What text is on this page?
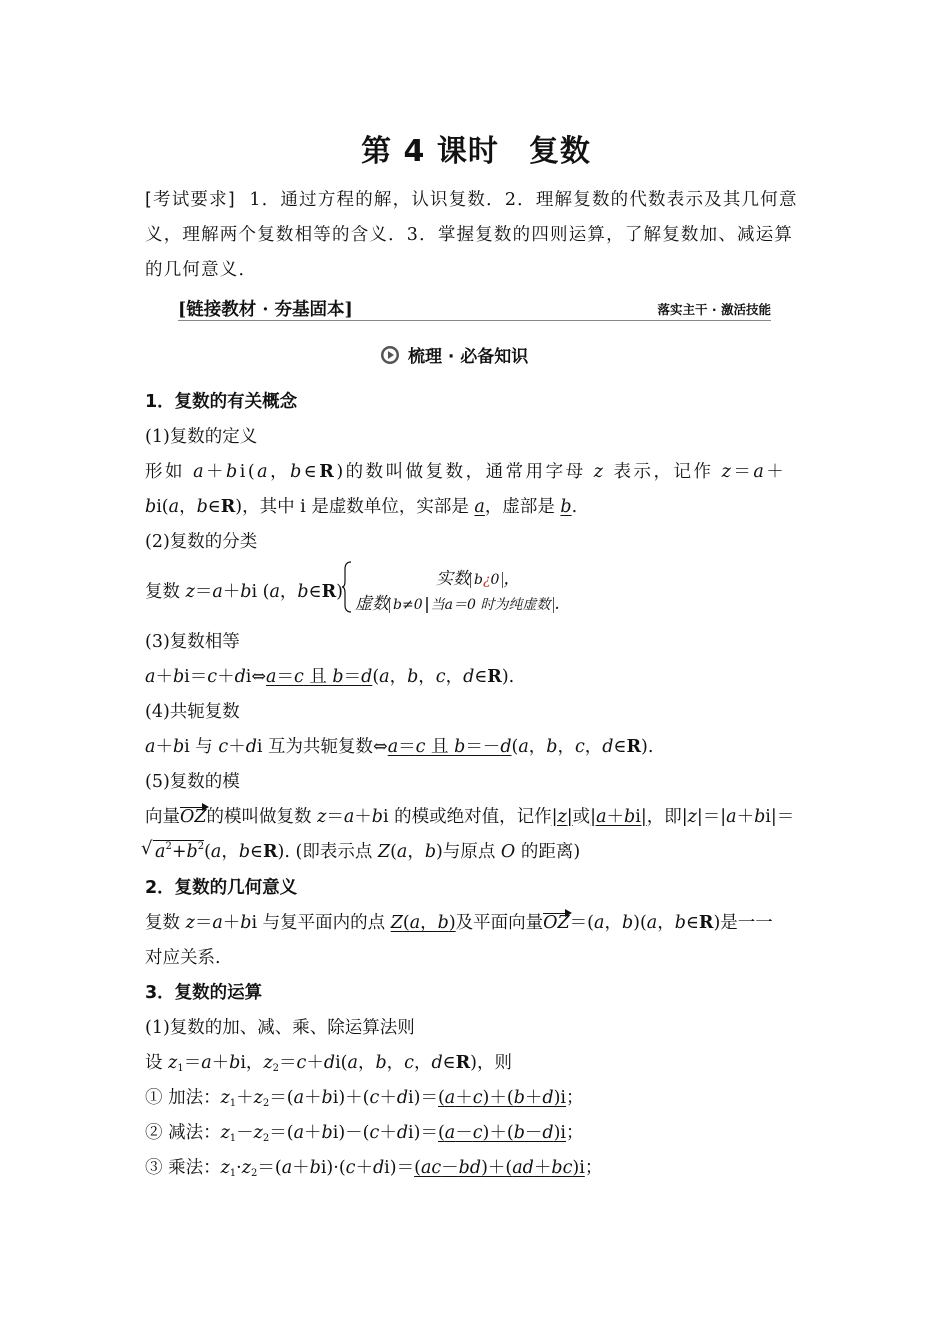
第 4 课时 复数
[考试要求] 1．通过方程的解，认识复数．2．理解复数的代数表示及其几何意义，理解两个复数相等的含义．3．掌握复数的四则运算，了解复数加、减运算的几何意义．
[链接教材 · 夯基固本]	落实主干 · 激活技能
梳理 · 必备知识
1．复数的有关概念
(1)复数的定义
形如 a＋bi(a，b∈R)的数叫做复数，通常用字母 z 表示，记作 z＝a＋
bi(a，b∈R)，其中 i 是虚数单位，实部是 a，虚部是 b.
(2)复数的分类
复数 z＝a＋bi (a，b∈R)
实数 b¿0 ，
虚数 b≠0 当a＝0 时为纯虚数 .
(3)复数相等
a＋bi＝c＋di⇔a＝c 且 b＝d(a，b，c，d∈R).
(4)共轭复数
a＋bi 与 c＋di 互为共轭复数⇔a＝c 且 b＝－d(a，b，c，d∈R).
(5)复数的模
向量OZ的模叫做复数 z＝a＋bi 的模或绝对值，记作|z|或|a＋bi|，即|z|＝|a＋bi|＝
√ $a^2+b^2(a$，b∈R). (即表示点 Z(a，b)与原点 O 的距离)
2．复数的几何意义
复数 z＝a＋bi 与复平面内的点 Z(a，b)及平面向量OZ＝(a，b)(a，b∈R)是一一
对应关系.
3．复数的运算
(1)复数的加、减、乘、除运算法则
设 $z_1=a+bi$，$z_2=c+di(a$，b，c，d∈R)，则
① 加法：$z_1+z_2=(a+bi)+(c+di)=(a+c)+(b+d)i$；
② 减法：$z_1-z_2=(a+bi)-(c+di)=(a-c)+(b-d)i$；
③ 乘法：$z_1\cdot z_2=(a+bi)\cdot(c+di)=(ac-bd)+(ad+bc)i$；
